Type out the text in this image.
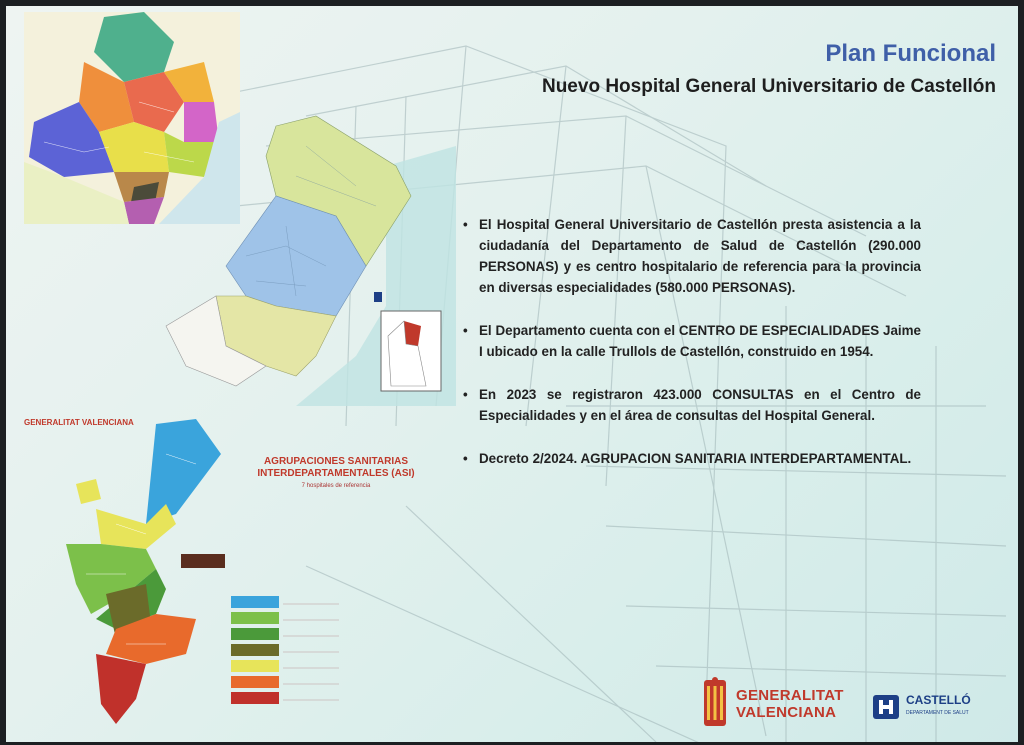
GENERALITAT VALENCIANA
AGRUPACIONES SANITARIAS INTERDEPARTAMENTALES (ASI)
7 hospitales de referencia
Plan Funcional
Nuevo Hospital General Universitario de Castellón
• El Hospital General Universitario de Castellón presta asistencia a la ciudadanía del Departamento de Salud de Castellón (290.000 PERSONAS) y es centro hospitalario de referencia para la provincia en diversas especialidades (580.000 PERSONAS).
• El Departamento cuenta con el CENTRO DE ESPECIALIDADES Jaime I ubicado en la calle Trullols de Castellón, construido en 1954.
• En 2023 se registraron 423.000 CONSULTAS en el Centro de Especialidades y en el área de consultas del Hospital General.
• Decreto 2/2024. AGRUPACION SANITARIA INTERDEPARTAMENTAL.
GENERALITAT VALENCIANA
CASTELLÓ
DEPARTAMENT DE SALUT
